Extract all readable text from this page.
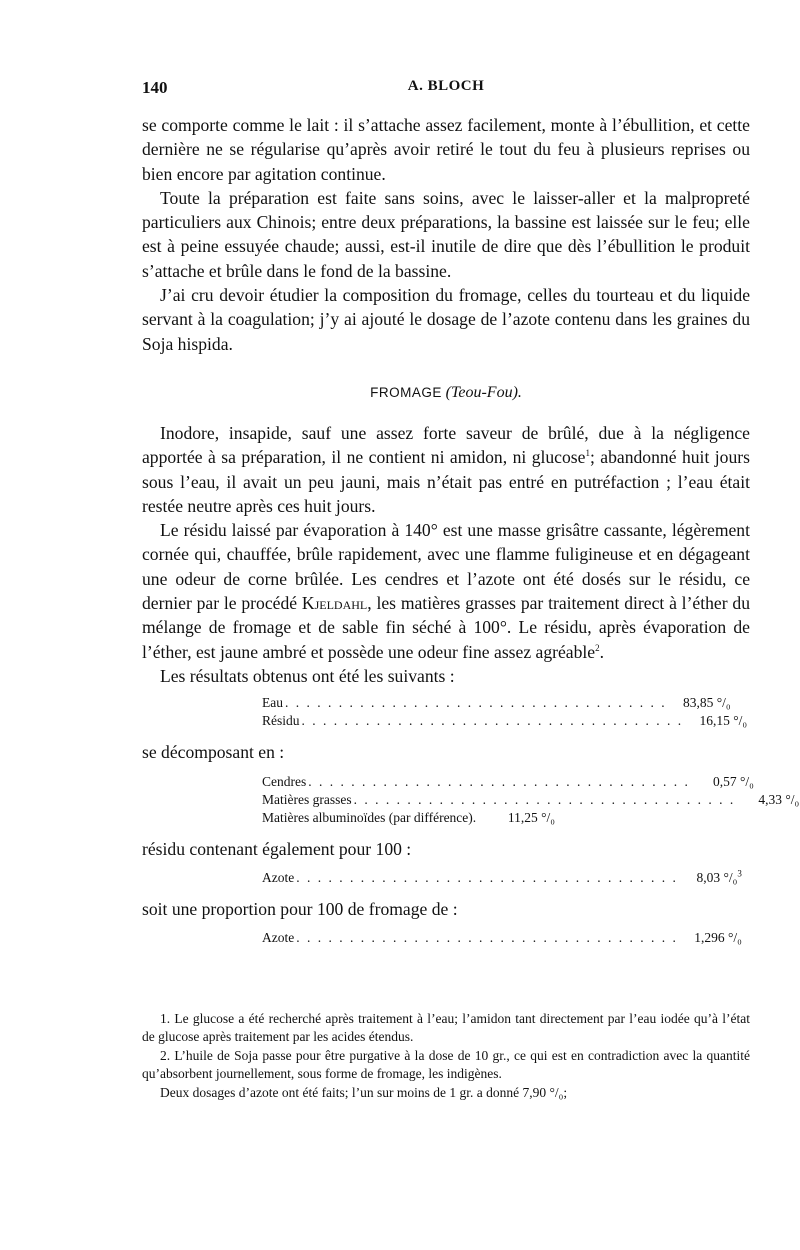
140	A. BLOCH

se comporte comme le lait : il s’attache assez facilement, monte à l’ébullition, et cette dernière ne se régularise qu’après avoir retiré le tout du feu à plusieurs reprises ou bien encore par agitation continue.

Toute la préparation est faite sans soins, avec le laisser-aller et la malpropreté particuliers aux Chinois; entre deux préparations, la bassine est laissée sur le feu; elle est à peine essuyée chaude; aussi, est-il inutile de dire que dès l’ébullition le produit s’attache et brûle dans le fond de la bassine.

J’ai cru devoir étudier la composition du fromage, celles du tourteau et du liquide servant à la coagulation; j’y ai ajouté le dosage de l’azote contenu dans les graines du Soja hispida.

FROMAGE (Teou-Fou).

Inodore, insapide, sauf une assez forte saveur de brûlé, due à la négligence apportée à sa préparation, il ne contient ni amidon, ni glucose$^1$; abandonné huit jours sous l’eau, il avait un peu jauni, mais n’était pas entré en putréfaction ; l’eau était restée neutre après ces huit jours.

Le résidu laissé par évaporation à 140° est une masse grisâtre cassante, légèrement cornée qui, chauffée, brûle rapidement, avec une flamme fuligineuse et en dégageant une odeur de corne brûlée. Les cendres et l’azote ont été dosés sur le résidu, ce dernier par le procédé Kjeldahl, les matières grasses par traitement direct à l’éther du mélange de fromage et de sable fin séché à 100°. Le résidu, après évaporation de l’éther, est jaune ambré et possède une odeur fine assez agréable$^2$.

Les résultats obtenus ont été les suivants :

Eau . . . . . . . . . . . . . . . . . . . . . . . . . . . . . . . . . . . .	83,85 °/₀
Résidu . . . . . . . . . . . . . . . . . . . . . . . . . . . . . . . . . . . .	16,15 °/₀

se décomposant en :

Cendres . . . . . . . . . . . . . . . . . . . . . . . . . . . . . . . . . . . .	0,57 °/₀
Matières grasses . . . . . . . . . . . . . . . . . . . . . . . . . . . . . . . . . . . .	4,33 °/₀
Matières albuminoïdes (par différence).	11,25 °/₀

résidu contenant également pour 100 :

Azote . . . . . . . . . . . . . . . . . . . . . . . . . . . . . . . . . . . .	8,03 °/₀$^3$

soit une proportion pour 100 de fromage de :

Azote . . . . . . . . . . . . . . . . . . . . . . . . . . . . . . . . . . . .	1,296 °/₀

1. Le glucose a été recherché après traitement à l’eau; l’amidon tant directement par l’eau iodée qu’à l’état de glucose après traitement par les acides étendus.

2. L’huile de Soja passe pour être purgative à la dose de 10 gr., ce qui est en contradiction avec la quantité qu’absorbent journellement, sous forme de fromage, les indigènes.

Deux dosages d’azote ont été faits; l’un sur moins de 1 gr. a donné 7,90 °/₀;
